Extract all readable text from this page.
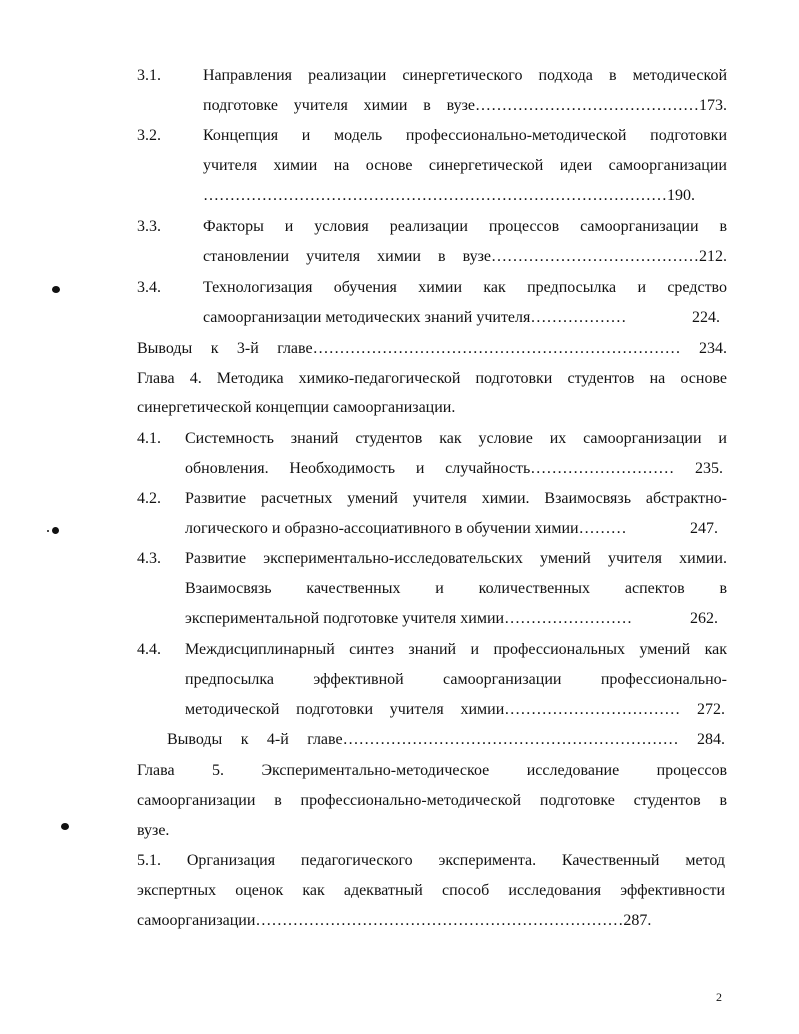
3.1.	Направления реализации синергетического подхода в методической
подготовке учителя химии в вузе……………………………………173.
3.2.	Концепция и модель профессионально-методической подготовки
учителя химии на основе синергетической идеи самоорганизации
……………………………………………………………………………190.
3.3.	Факторы и условия реализации процессов самоорганизации в
становлении учителя химии в вузе…………………………………212.
3.4.	Технологизация обучения химии как предпосылка и средство
самоорганизации методических знаний учителя………………	224.
Выводы к 3-й главе…………………………………………………………… 234.
Глава 4. Методика химико-педагогической подготовки студентов на основе
синергетической концепции самоорганизации.
4.1. Системность знаний студентов как условие их самоорганизации и
обновления. Необходимость и случайность……………………… 235.
4.2. Развитие расчетных умений учителя химии. Взаимосвязь абстрактно-
логического и образно-ассоциативного в обучении химии………	247.
4.3. Развитие экспериментально-исследовательских умений учителя химии.
Взаимосвязь качественных и количественных аспектов в
экспериментальной подготовке учителя химии……………………	262.
4.4. Междисциплинарный синтез знаний и профессиональных умений как
предпосылка эффективной самоорганизации профессионально-
методической подготовки учителя химии…………………………… 272.
Выводы к 4-й главе……………………………………………………… 284.
Глава 5. Экспериментально-методическое исследование процессов
самоорганизации в профессионально-методической подготовке студентов в
вузе.
5.1. Организация педагогического эксперимента. Качественный метод
экспертных оценок как адекватный способ исследования эффективности
самоорганизации……………………………………………………………287.
2
